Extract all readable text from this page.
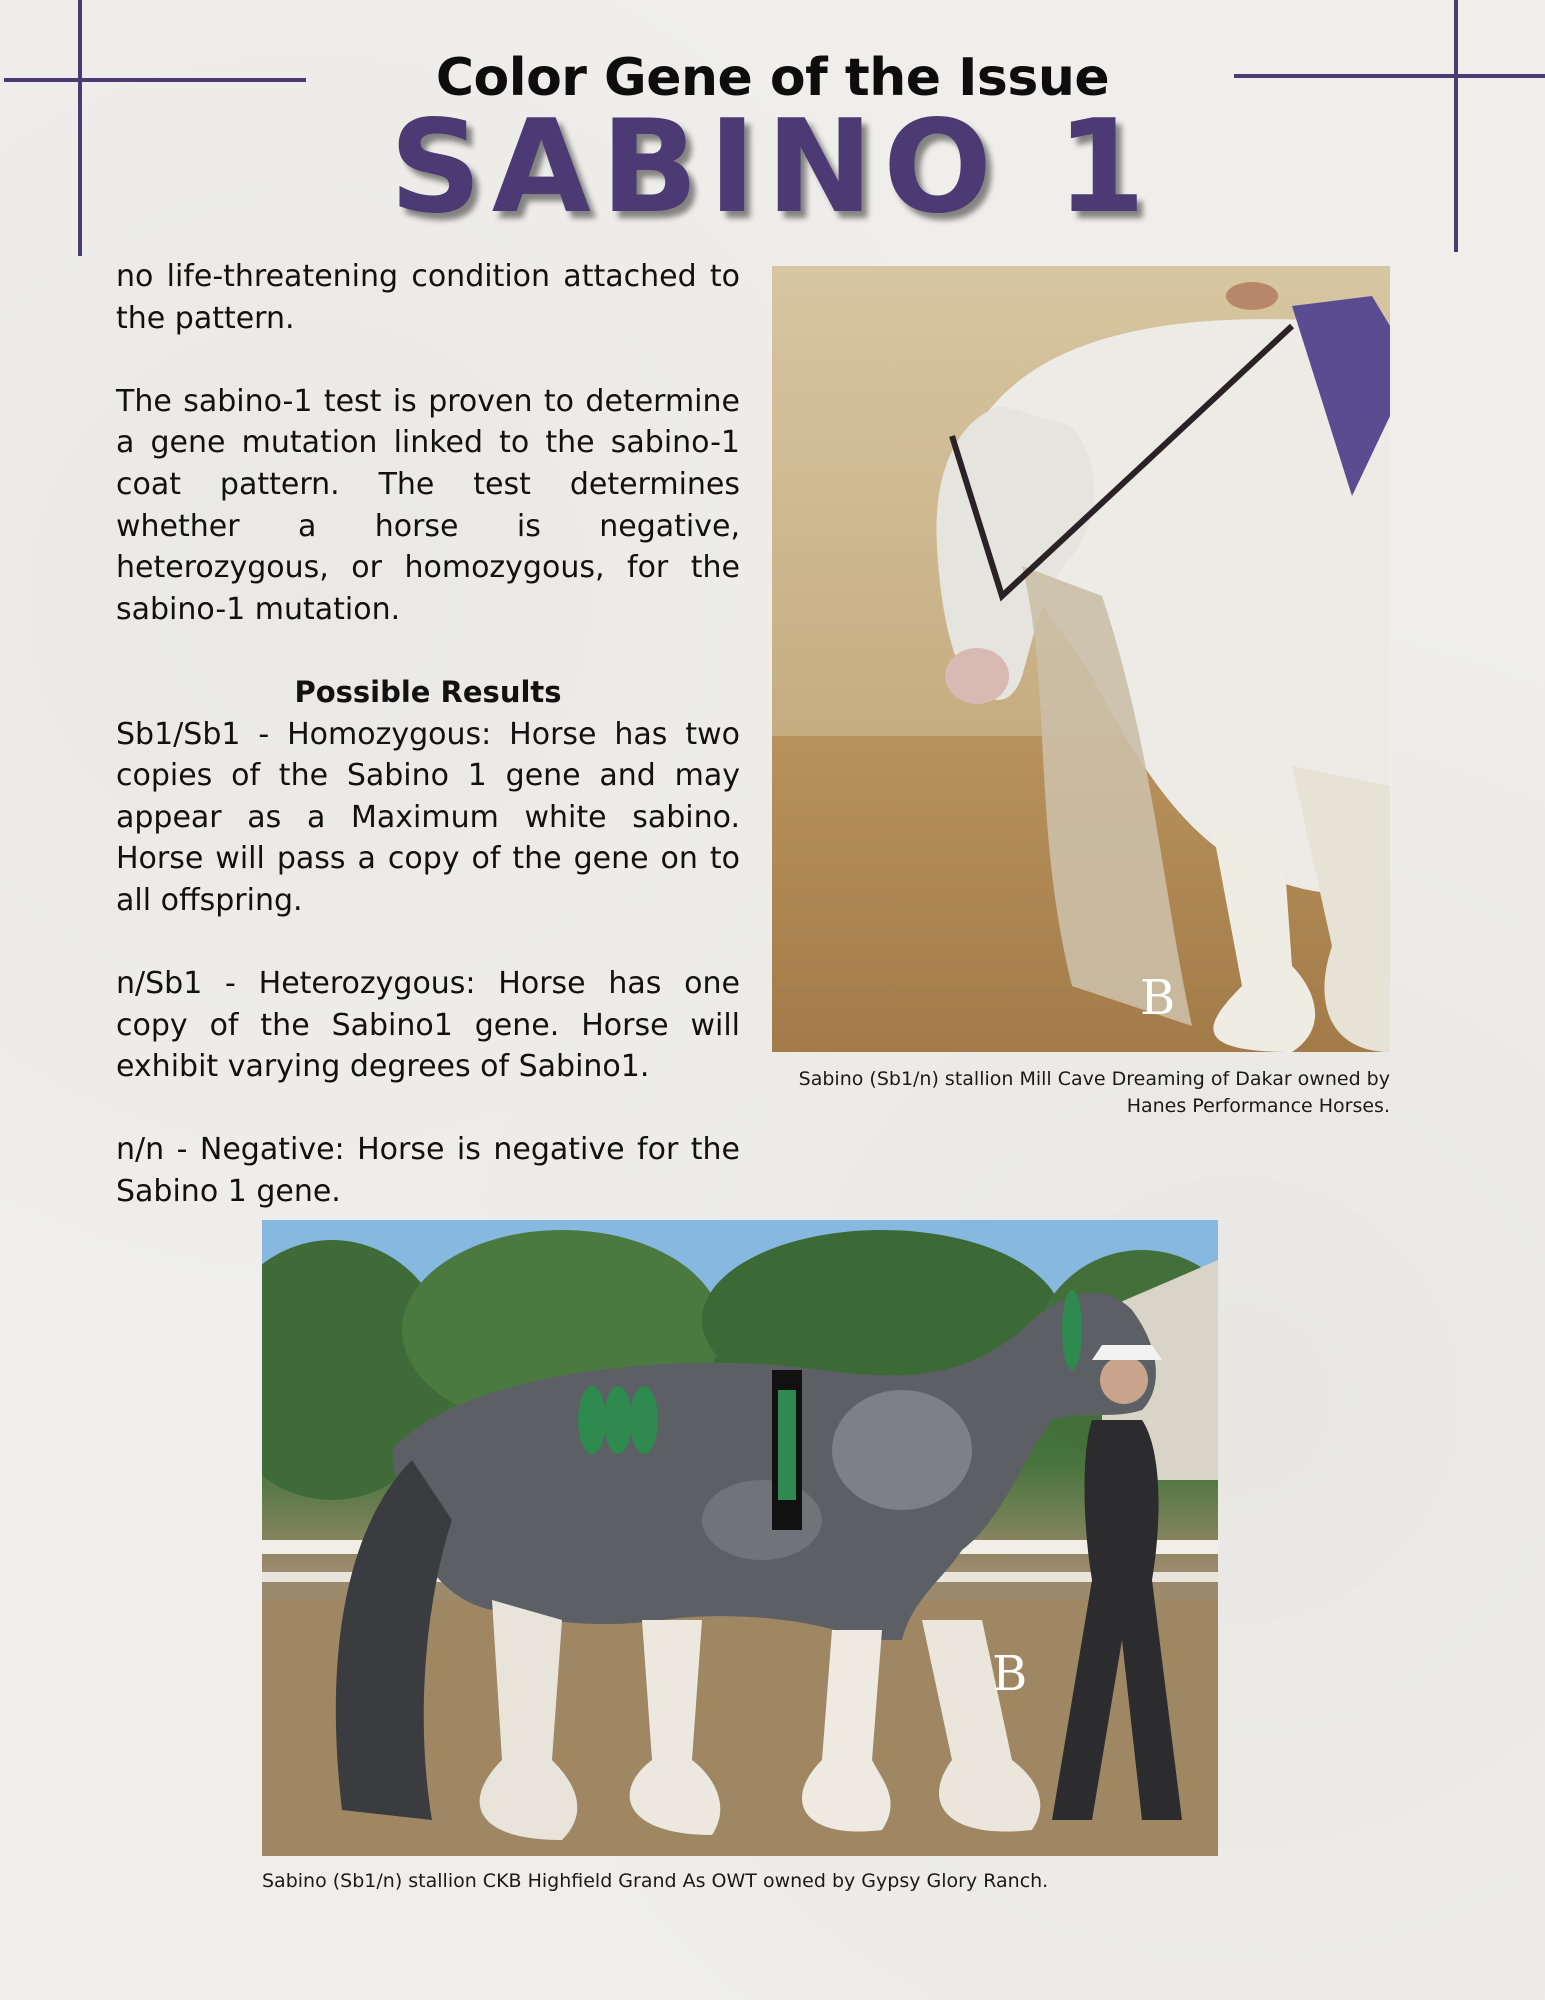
Color Gene of the Issue
SABINO 1

no life-threatening condition attached to the pattern.

The sabino-1 test is proven to determine a gene mutation linked to the sabino-1 coat pattern. The test determines whether a horse is negative, heterozygous, or homozygous, for the sabino-1 mutation.

Possible Results

Sb1/Sb1 - Homozygous: Horse has two copies of the Sabino 1 gene and may appear as a Maximum white sabino. Horse will pass a copy of the gene on to all offspring.

n/Sb1 - Heterozygous: Horse has one copy of the Sabino1 gene. Horse will exhibit varying degrees of Sabino1.

n/n - Negative: Horse is negative for the Sabino 1 gene.

B
Sabino (Sb1/n) stallion Mill Cave Dreaming of Dakar owned by Hanes Performance Horses.
B
Sabino (Sb1/n) stallion CKB Highfield Grand As OWT owned by Gypsy Glory Ranch.
